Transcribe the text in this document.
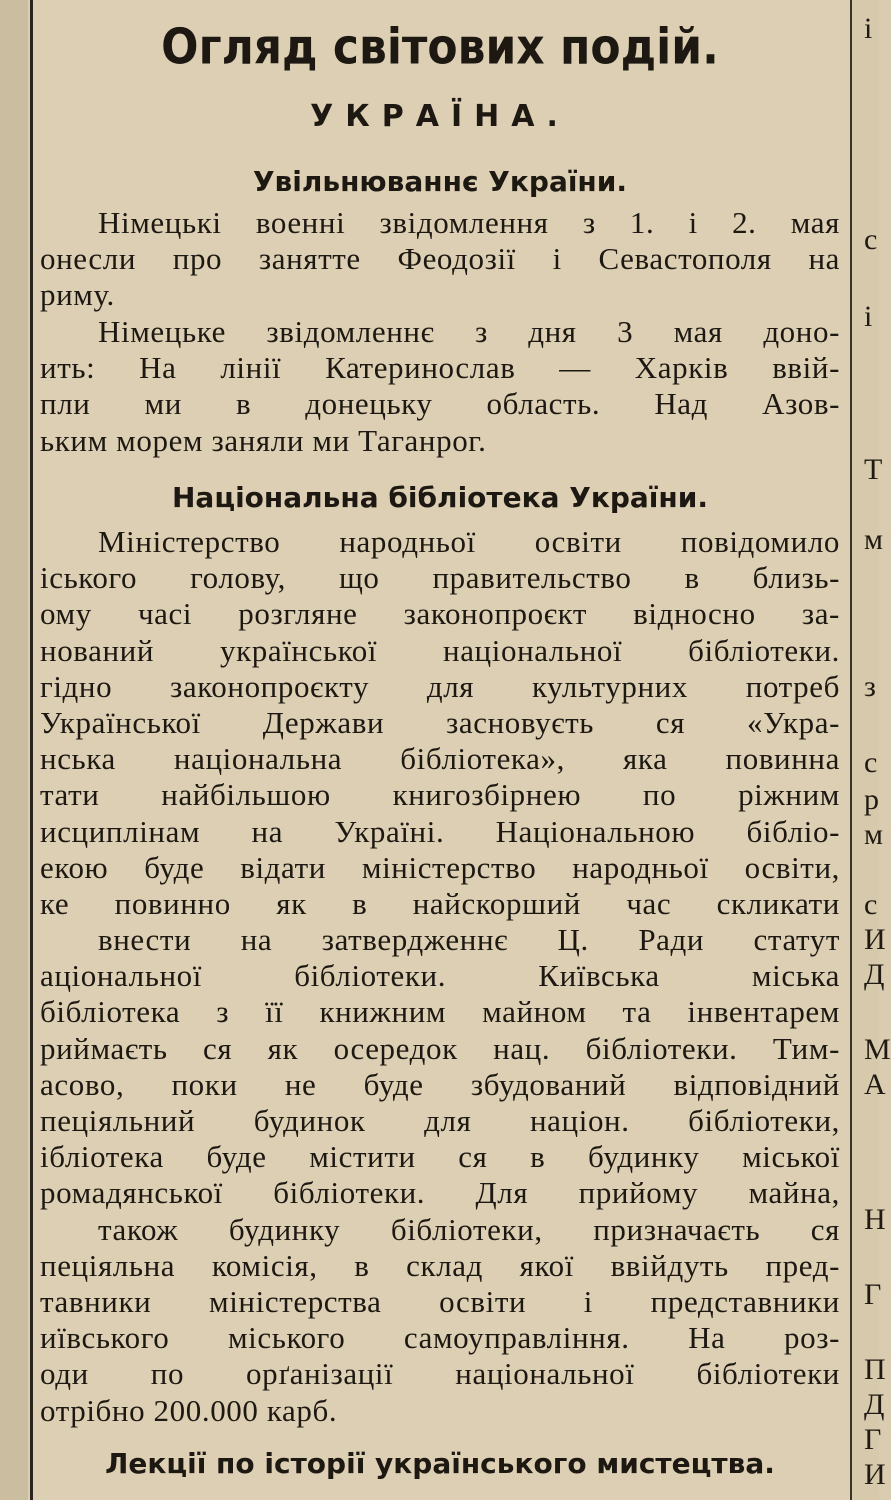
і
с
і
Т
м
з
с
р
м
с
И
Д
М
А
Н
Г
П
Д
Г
И
Огляд світових подій.
УКРАЇНА.
Увільнюваннє України.
Німецькі военні звідомлення з 1. і 2. мая
онесли про занятте Феодозії і Севастополя на
риму.
Німецьке звідомленнє з дня 3 мая доно-
ить: На лінії Катеринослав — Харків ввій-
пли ми в донецьку область. Над Азов-
ьким морем заняли ми Таганрог.
Національна бібліотека України.
Міністерство народньої освіти повідомило
іського голову, що правительство в близь-
ому часі розгляне законопроєкт відносно за-
нований української національної бібліотеки.
гідно законопроєкту для культурних потреб
Української Держави засновуєть ся «Укра-
нська національна бібліотека», яка повинна
тати найбільшою книгозбірнею по ріжним
исциплінам на Україні. Національною бібліо-
екою буде відати міністерство народньої освіти,
ке повинно як в найскорший час скликати
внести на затвердженнє Ц. Ради статут
аціональної бібліотеки. Київська міська
бібліотека з її книжним майном та інвентарем
риймаєть ся як осередок нац. бібліотеки. Тим-
асово, поки не буде збудований відповідний
пеціяльний будинок для націон. бібліотеки,
ібліотека буде містити ся в будинку міської
ромадянської бібліотеки. Для прийому майна,
також будинку бібліотеки, призначаєть ся
пеціяльна комісія, в склад якої ввійдуть пред-
тавники міністерства освіти і представники
иївського міського самоуправління. На роз-
оди по орґанізації національної бібліотеки
отрібно 200.000 карб.
Лекції по історії українського мистецтва.
